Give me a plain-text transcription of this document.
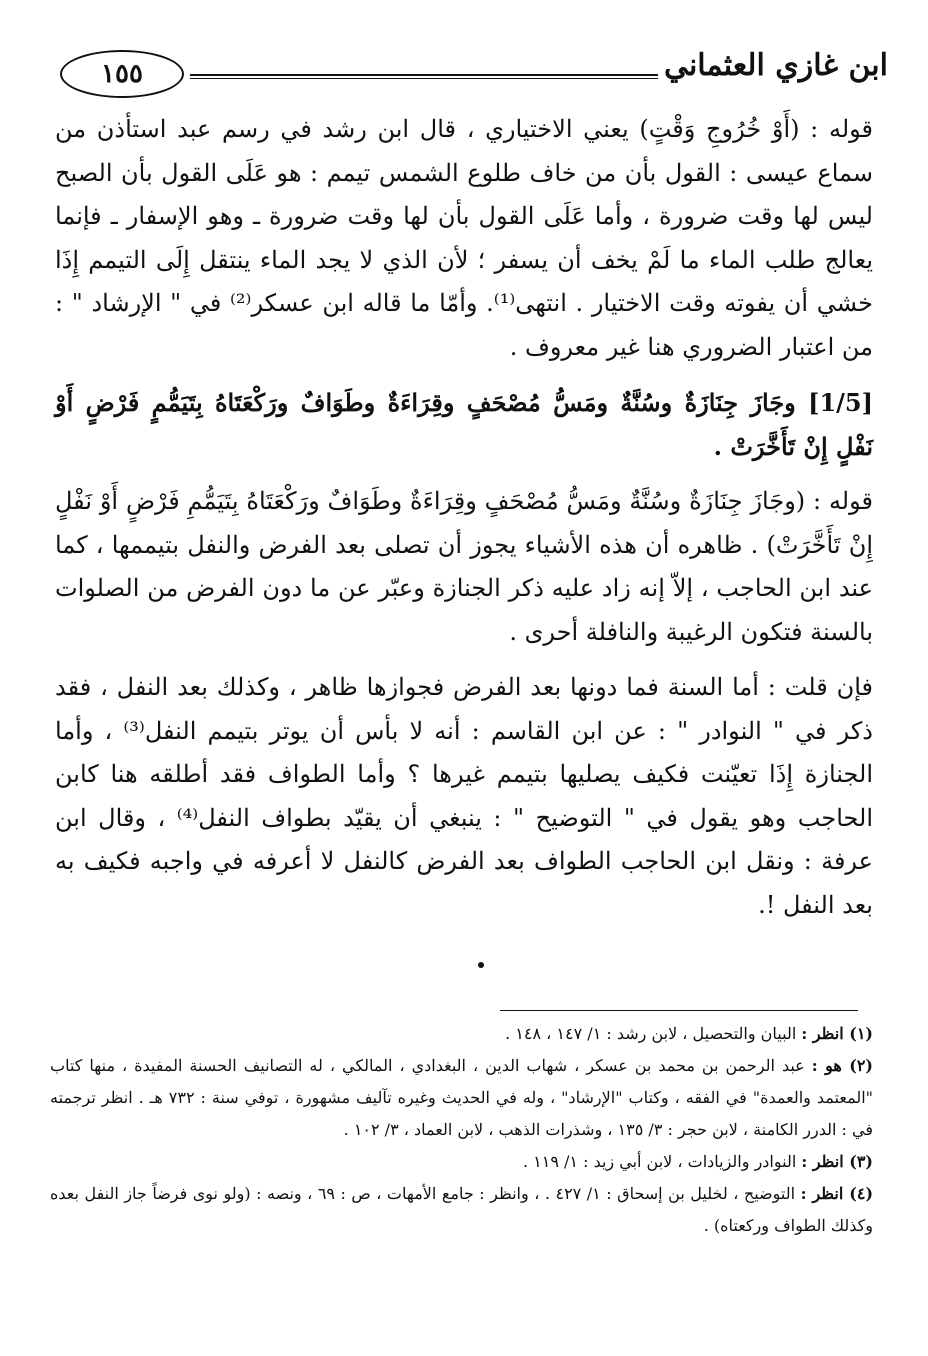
ابن غازي العثماني
١٥٥

قوله : (أَوْ خُرُوجِ وَقْتٍ) يعني الاختياري ، قال ابن رشد في رسم عبد استأذن من سماع عيسى : القول بأن من خاف طلوع الشمس تيمم : هو عَلَى القول بأن الصبح ليس لها وقت ضرورة ، وأما عَلَى القول بأن لها وقت ضرورة ـ وهو الإسفار ـ فإنما يعالج طلب الماء ما لَمْ يخف أن يسفر ؛ لأن الذي لا يجد الماء ينتقل إِلَى التيمم إِذَا خشي أن يفوته وقت الاختيار . انتهى⁽¹⁾. وأمّا ما قاله ابن عسكر⁽²⁾ في " الإرشاد " : من اعتبار الضروري هنا غير معروف .

[1/5] وجَازَ جِنَازَةٌ وسُنَّةٌ ومَسُّ مُصْحَفٍ وقِرَاءَةٌ وطَوَافٌ ورَكْعَتَاهُ بِتَيَمُّمٍ فَرْضٍ أَوْ نَفْلٍ إِنْ تَأَخَّرَتْ .

قوله : (وجَازَ جِنَازَةٌ وسُنَّةٌ ومَسُّ مُصْحَفٍ وقِرَاءَةٌ وطَوَافٌ ورَكْعَتَاهُ بِتَيَمُّمِ فَرْضٍ أَوْ نَفْلٍ إِنْ تَأَخَّرَتْ) . ظاهره أن هذه الأشياء يجوز أن تصلى بعد الفرض والنفل بتيممها ، كما عند ابن الحاجب ، إلاّ إنه زاد عليه ذكر الجنازة وعبّر عن ما دون الفرض من الصلوات بالسنة فتكون الرغيبة والنافلة أحرى .

فإن قلت : أما السنة فما دونها بعد الفرض فجوازها ظاهر ، وكذلك بعد النفل ، فقد ذكر في " النوادر " : عن ابن القاسم : أنه لا بأس أن يوتر بتيمم النفل⁽³⁾ ، وأما الجنازة إِذَا تعيّنت فكيف يصليها بتيمم غيرها ؟ وأما الطواف فقد أطلقه هنا كابن الحاجب وهو يقول في " التوضيح " : ينبغي أن يقيّد بطواف النفل⁽⁴⁾ ، وقال ابن عرفة : ونقل ابن الحاجب الطواف بعد الفرض كالنفل لا أعرفه في واجبه فكيف به بعد النفل !.

(١) انظر : البيان والتحصيل ، لابن رشد : ١/ ١٤٧ ، ١٤٨ .

(٢) هو : عبد الرحمن بن محمد بن عسكر ، شهاب الدين ، البغدادي ، المالكي ، له التصانيف الحسنة المفيدة ، منها كتاب "المعتمد والعمدة" في الفقه ، وكتاب "الإرشاد" ، وله في الحديث وغيره تآليف مشهورة ، توفي سنة : ٧٣٢ هـ . انظر ترجمته في : الدرر الكامنة ، لابن حجر : ٣/ ١٣٥ ، وشذرات الذهب ، لابن العماد ، ٣/ ١٠٢ .

(٣) انظر : النوادر والزيادات ، لابن أبي زيد : ١/ ١١٩ .

(٤) انظر : التوضيح ، لخليل بن إسحاق : ١/ ٤٢٧ . ، وانظر : جامع الأمهات ، ص : ٦٩ ، ونصه : (ولو نوى فرضاً جاز النفل بعده وكذلك الطواف وركعتاه) .
